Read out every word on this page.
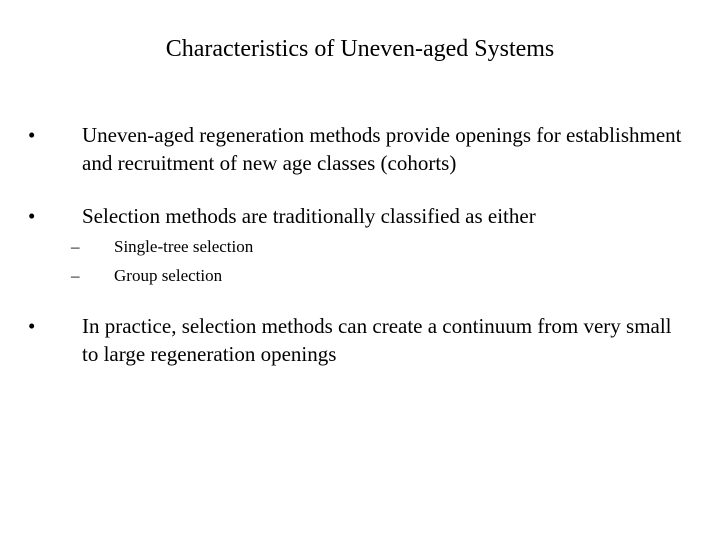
Characteristics of Uneven-aged Systems
•	Uneven-aged regeneration methods provide openings for establishment and recruitment of new age classes (cohorts)
•	Selection methods are traditionally classified as either
–	Single-tree selection
–	Group selection
•	In practice, selection methods can create a continuum from very small to large regeneration openings
